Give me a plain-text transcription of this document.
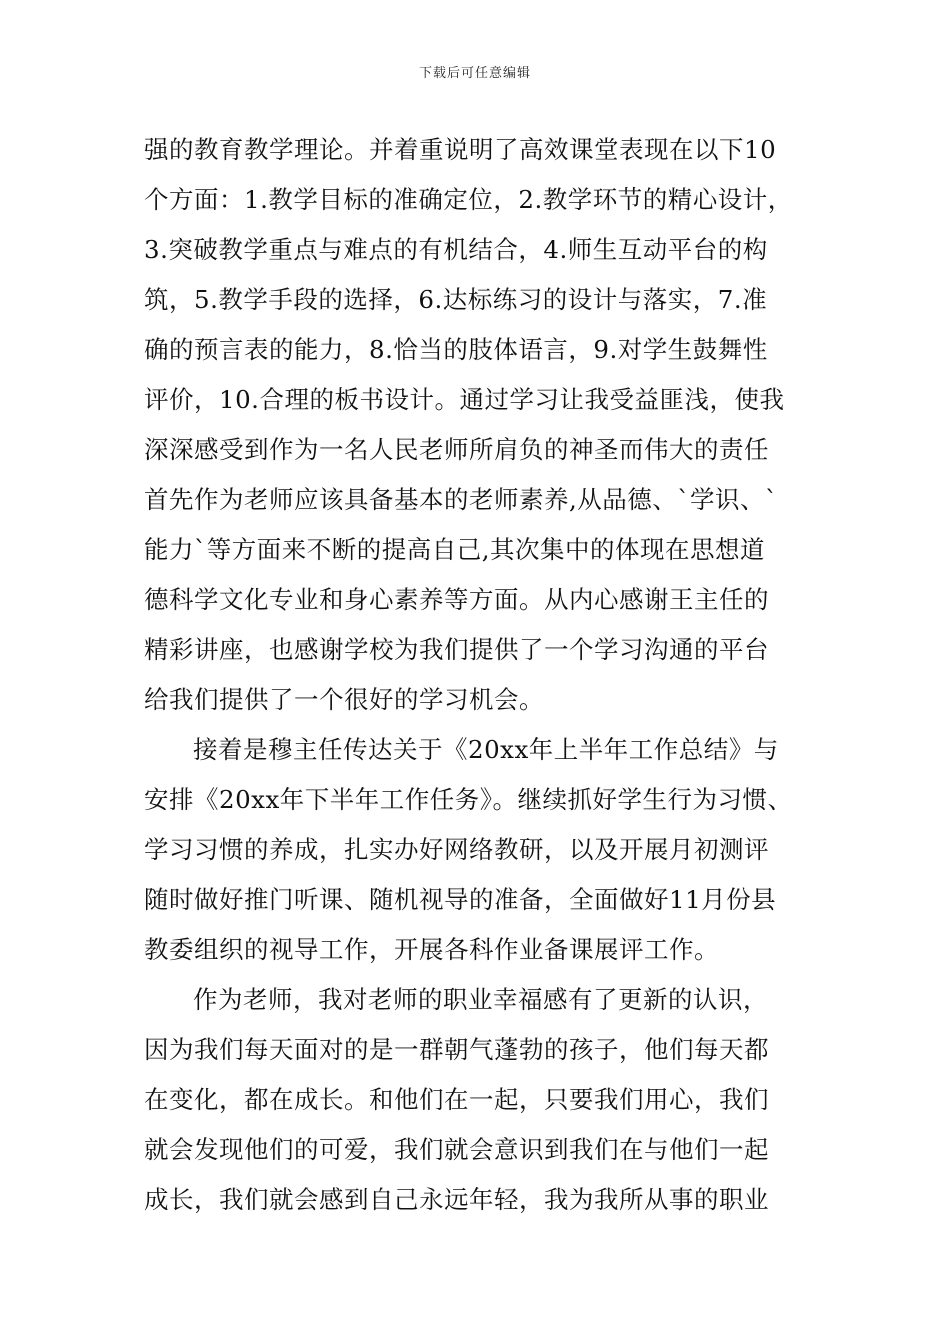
下载后可任意编辑
强的教育教学理论。并着重说明了高效课堂表现在以下10
个方面：1.教学目标的准确定位，2.教学环节的精心设计，
3.突破教学重点与难点的有机结合，4.师生互动平台的构
筑，5.教学手段的选择，6.达标练习的设计与落实，7.准
确的预言表的能力，8.恰当的肢体语言，9.对学生鼓舞性
评价，10.合理的板书设计。通过学习让我受益匪浅，使我
深深感受到作为一名人民老师所肩负的神圣而伟大的责任
首先作为老师应该具备基本的老师素养,从品德、`学识、`
能力`等方面来不断的提高自己,其次集中的体现在思想道
德科学文化专业和身心素养等方面。从内心感谢王主任的
精彩讲座，也感谢学校为我们提供了一个学习沟通的平台
给我们提供了一个很好的学习机会。
接着是穆主任传达关于《20xx年上半年工作总结》与
安排《20xx年下半年工作任务》。继续抓好学生行为习惯、
学习习惯的养成，扎实办好网络教研，以及开展月初测评
随时做好推门听课、随机视导的准备，全面做好11月份县
教委组织的视导工作，开展各科作业备课展评工作。
作为老师，我对老师的职业幸福感有了更新的认识，
因为我们每天面对的是一群朝气蓬勃的孩子，他们每天都
在变化，都在成长。和他们在一起，只要我们用心，我们
就会发现他们的可爱，我们就会意识到我们在与他们一起
成长，我们就会感到自己永远年轻，我为我所从事的职业
